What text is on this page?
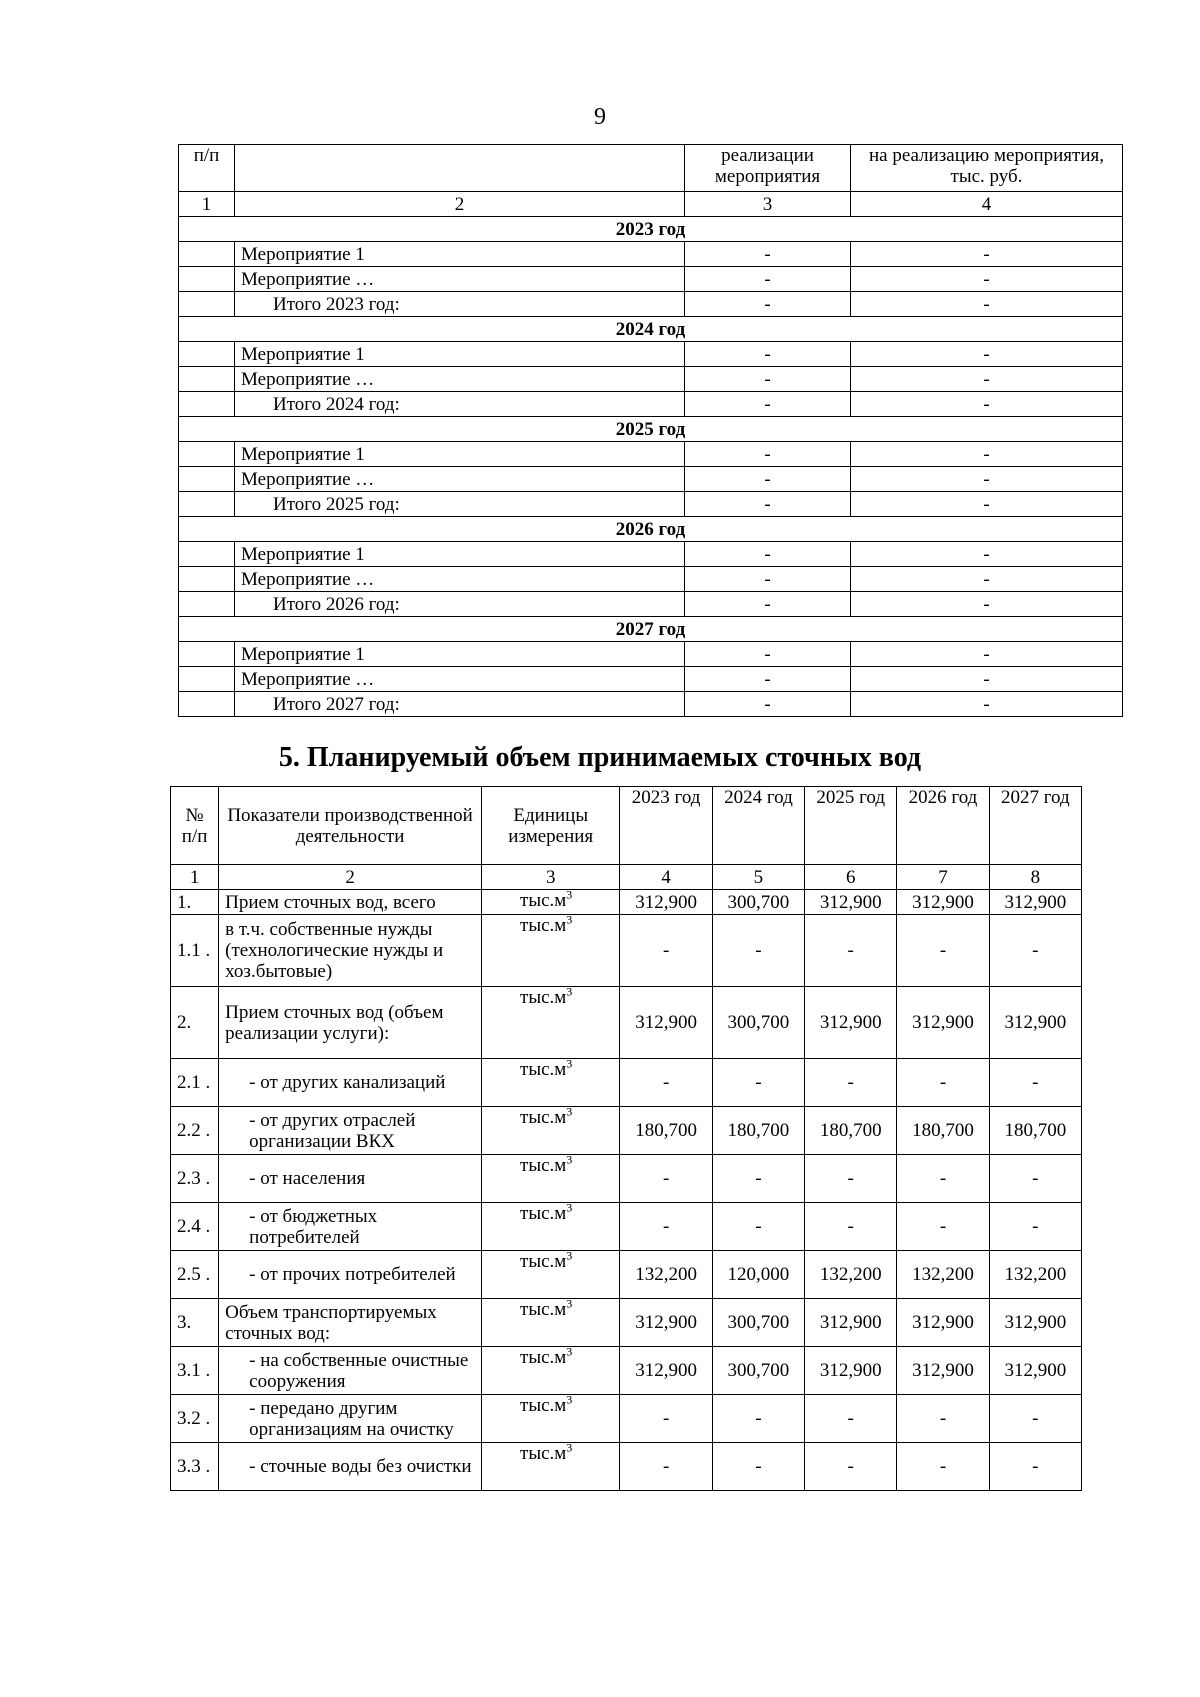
9
п/п		реализации мероприятия	на реализацию мероприятия, тыс. руб.
1	2	3	4
2023 год			
	Мероприятие 1	-	-
	Мероприятие …	-	-
	Итого 2023 год:	-	-
2024 год			
	Мероприятие 1	-	-
	Мероприятие …	-	-
	Итого 2024 год:	-	-
2025 год			
	Мероприятие 1	-	-
	Мероприятие …	-	-
	Итого 2025 год:	-	-
2026 год			
	Мероприятие 1	-	-
	Мероприятие …	-	-
	Итого 2026 год:	-	-
2027 год			
	Мероприятие 1	-	-
	Мероприятие …	-	-
	Итого 2027 год:	-	-
5. Планируемый объем принимаемых сточных вод
№ п/п	Показатели производственной деятельности	Единицы измерения	2023 год	2024 год	2025 год	2026 год	2027 год
1	2	3	4	5	6	7	8
1.	Прием сточных вод, всего	$тыс.м^3$	312,900	300,700	312,900	312,900	312,900
1.1 .	в т.ч. собственные нужды (технологические нужды и хоз.бытовые)	$тыс.м^3$	-	-	-	-	-
2.	Прием сточных вод (объем реализации услуги):	$тыс.м^3$	312,900	300,700	312,900	312,900	312,900
2.1 .	- от других канализаций	$тыс.м^3$	-	-	-	-	-
2.2 .	- от других отраслей организации ВКХ	$тыс.м^3$	180,700	180,700	180,700	180,700	180,700
2.3 .	- от населения	$тыс.м^3$	-	-	-	-	-
2.4 .	- от бюджетных потребителей	$тыс.м^3$	-	-	-	-	-
2.5 .	- от прочих потребителей	$тыс.м^3$	132,200	120,000	132,200	132,200	132,200
3.	Объем транспортируемых сточных вод:	$тыс.м^3$	312,900	300,700	312,900	312,900	312,900
3.1 .	- на собственные очистные сооружения	$тыс.м^3$	312,900	300,700	312,900	312,900	312,900
3.2 .	- передано другим организациям на очистку	$тыс.м^3$	-	-	-	-	-
3.3 .	- сточные воды без очистки	$тыс.м^3$	-	-	-	-	-
